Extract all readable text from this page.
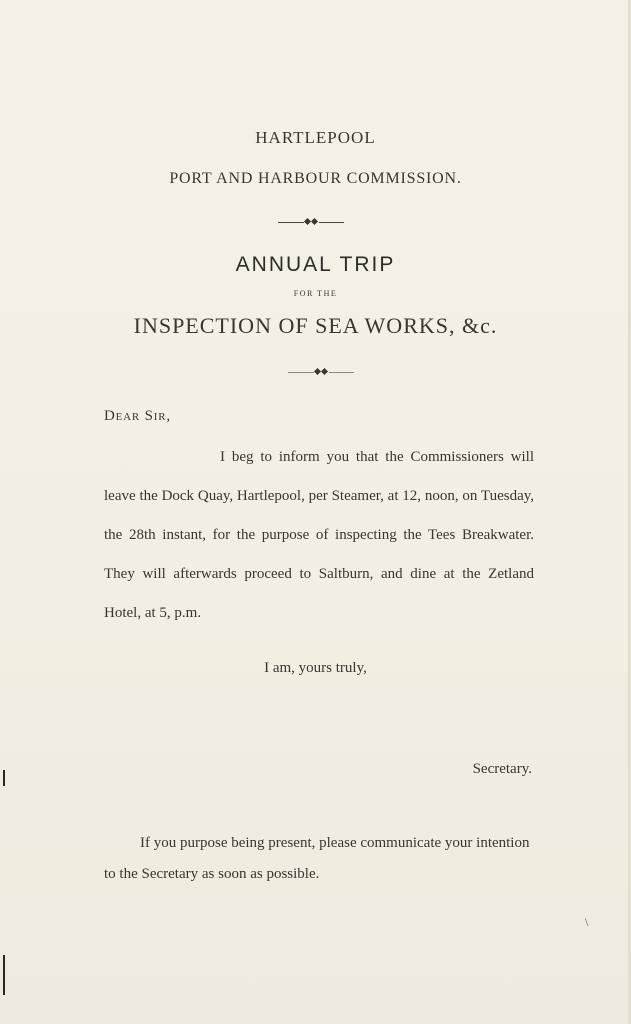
HARTLEPOOL
PORT AND HARBOUR COMMISSION.
ANNUAL TRIP
FOR THE
INSPECTION OF SEA WORKS, &c.

Dear Sir,

I beg to inform you that the Commissioners will leave the Dock Quay, Hartlepool, per Steamer, at 12, noon, on Tuesday, the 28th instant, for the purpose of inspecting the Tees Breakwater. They will afterwards proceed to Saltburn, and dine at the Zetland Hotel, at 5, p.m.

I am, yours truly,

Secretary.

If you purpose being present, please communicate your intention to the Secretary as soon as possible.

\
